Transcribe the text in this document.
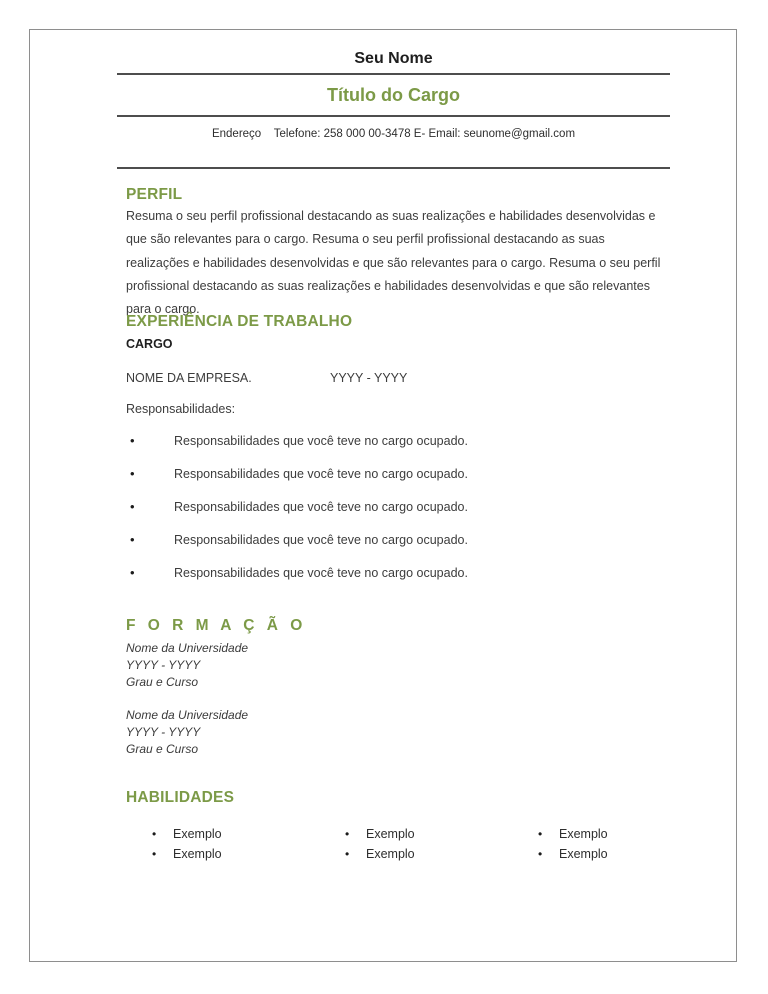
Seu Nome
Título do Cargo
Endereço    Telefone: 258 000 00-3478 E- Email: seunome@gmail.com
PERFIL
Resuma o seu perfil profissional destacando as suas realizações e habilidades desenvolvidas e que são relevantes para o cargo. Resuma o seu perfil profissional destacando as suas realizações e habilidades desenvolvidas e que são relevantes para o cargo. Resuma o seu perfil profissional destacando as suas realizações e habilidades desenvolvidas e que são relevantes para o cargo.
EXPERIÊNCIA DE TRABALHO
CARGO
NOME DA EMPRESA.	YYYY - YYYY
Responsabilidades:
• Responsabilidades que você teve no cargo ocupado.
• Responsabilidades que você teve no cargo ocupado.
• Responsabilidades que você teve no cargo ocupado.
• Responsabilidades que você teve no cargo ocupado.
• Responsabilidades que você teve no cargo ocupado.
F O R M A Ç Ã O
Nome da Universidade
YYYY - YYYY
Grau e Curso
Nome da Universidade
YYYY - YYYY
Grau e Curso
HABILIDADES
• Exemplo
• Exemplo
• Exemplo
• Exemplo
• Exemplo
• Exemplo
